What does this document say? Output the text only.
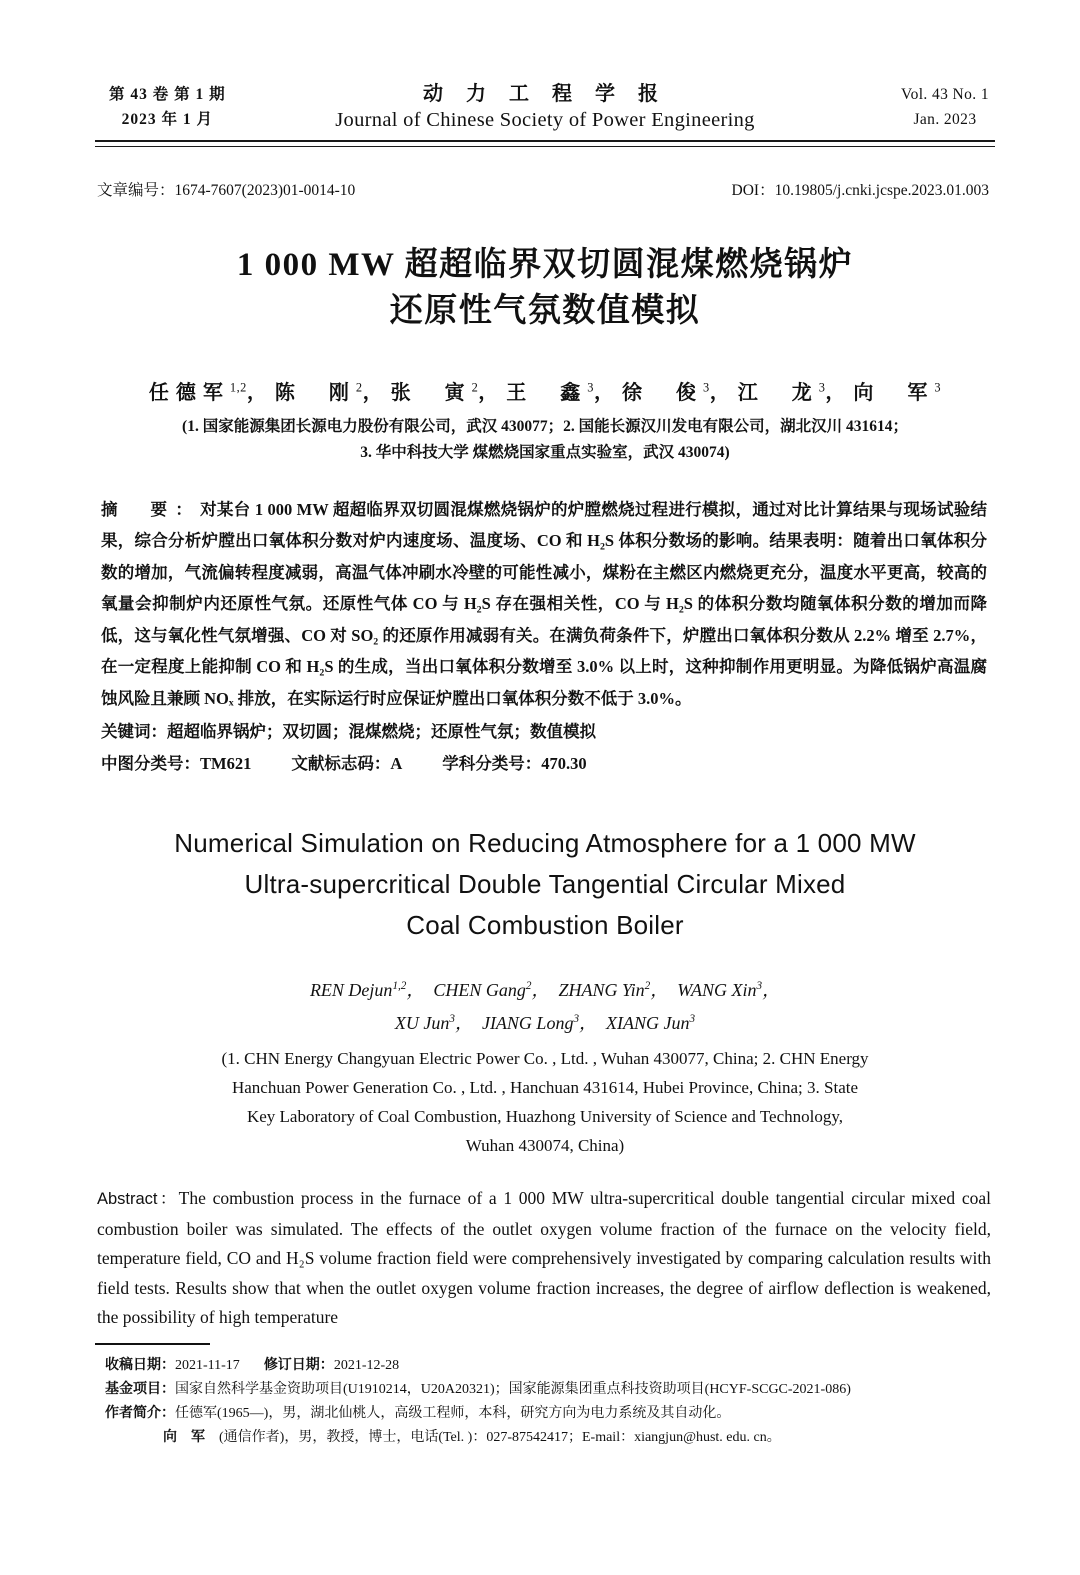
第 43 卷 第 1 期
2023 年 1 月
动 力 工 程 学 报
Journal of Chinese Society of Power Engineering
Vol. 43 No. 1
Jan. 2023
文章编号：1674-7607(2023)01-0014-10	DOI：10.19805/j.cnki.jcspe.2023.01.003
1 000 MW 超超临界双切圆混煤燃烧锅炉
还原性气氛数值模拟
任德军$^{1,2}$，陈　刚$^2$，张　寅$^2$，王　鑫$^3$，徐　俊$^3$，江　龙$^3$，向　军$^3$
(1. 国家能源集团长源电力股份有限公司，武汉 430077；2. 国能长源汉川发电有限公司，湖北汉川 431614；
3. 华中科技大学 煤燃烧国家重点实验室，武汉 430074)
摘　要：对某台 1 000 MW 超超临界双切圆混煤燃烧锅炉的炉膛燃烧过程进行模拟，通过对比计算结果与现场试验结果，综合分析炉膛出口氧体积分数对炉内速度场、温度场、CO 和 H₂S 体积分数场的影响。结果表明：随着出口氧体积分数的增加，气流偏转程度减弱，高温气体冲刷水冷壁的可能性减小，煤粉在主燃区内燃烧更充分，温度水平更高，较高的氧量会抑制炉内还原性气氛。还原性气体 CO 与 H₂S 存在强相关性，CO 与 H₂S 的体积分数均随氧体积分数的增加而降低，这与氧化性气氛增强、CO 对 SO₂ 的还原作用减弱有关。在满负荷条件下，炉膛出口氧体积分数从 2.2% 增至 2.7%，在一定程度上能抑制 CO 和 H₂S 的生成，当出口氧体积分数增至 3.0% 以上时，这种抑制作用更明显。为降低锅炉高温腐蚀风险且兼顾 NOₓ 排放，在实际运行时应保证炉膛出口氧体积分数不低于 3.0%。
关键词：超超临界锅炉；双切圆；混煤燃烧；还原性气氛；数值模拟
中图分类号：TM621 文献标志码：A 学科分类号：470.30
Numerical Simulation on Reducing Atmosphere for a 1 000 MW
Ultra-supercritical Double Tangential Circular Mixed
Coal Combustion Boiler
REN Dejun$^{1,2}$，　CHEN Gang$^2$，　ZHANG Yin$^2$，　WANG Xin$^3$，
XU Jun$^3$，　JIANG Long$^3$，　XIANG Jun$^3$
(1. CHN Energy Changyuan Electric Power Co. , Ltd. , Wuhan 430077, China; 2. CHN Energy
Hanchuan Power Generation Co. , Ltd. , Hanchuan 431614, Hubei Province, China; 3. State
Key Laboratory of Coal Combustion, Huazhong University of Science and Technology,
Wuhan 430074, China)
Abstract：The combustion process in the furnace of a 1 000 MW ultra-supercritical double tangential circular mixed coal combustion boiler was simulated. The effects of the outlet oxygen volume fraction of the furnace on the velocity field, temperature field, CO and H₂S volume fraction field were comprehensively investigated by comparing calculation results with field tests. Results show that when the outlet oxygen volume fraction increases, the degree of airflow deflection is weakened, the possibility of high temperature
收稿日期：2021-11-17 修订日期：2021-12-28
基金项目：国家自然科学基金资助项目(U1910214，U20A20321)；国家能源集团重点科技资助项目(HCYF-SCGC-2021-086)
作者简介：任德军(1965—)，男，湖北仙桃人，高级工程师，本科，研究方向为电力系统及其自动化。
向　军 (通信作者)，男，教授，博士，电话(Tel. )：027-87542417；E-mail：xiangjun@hust. edu. cn。
